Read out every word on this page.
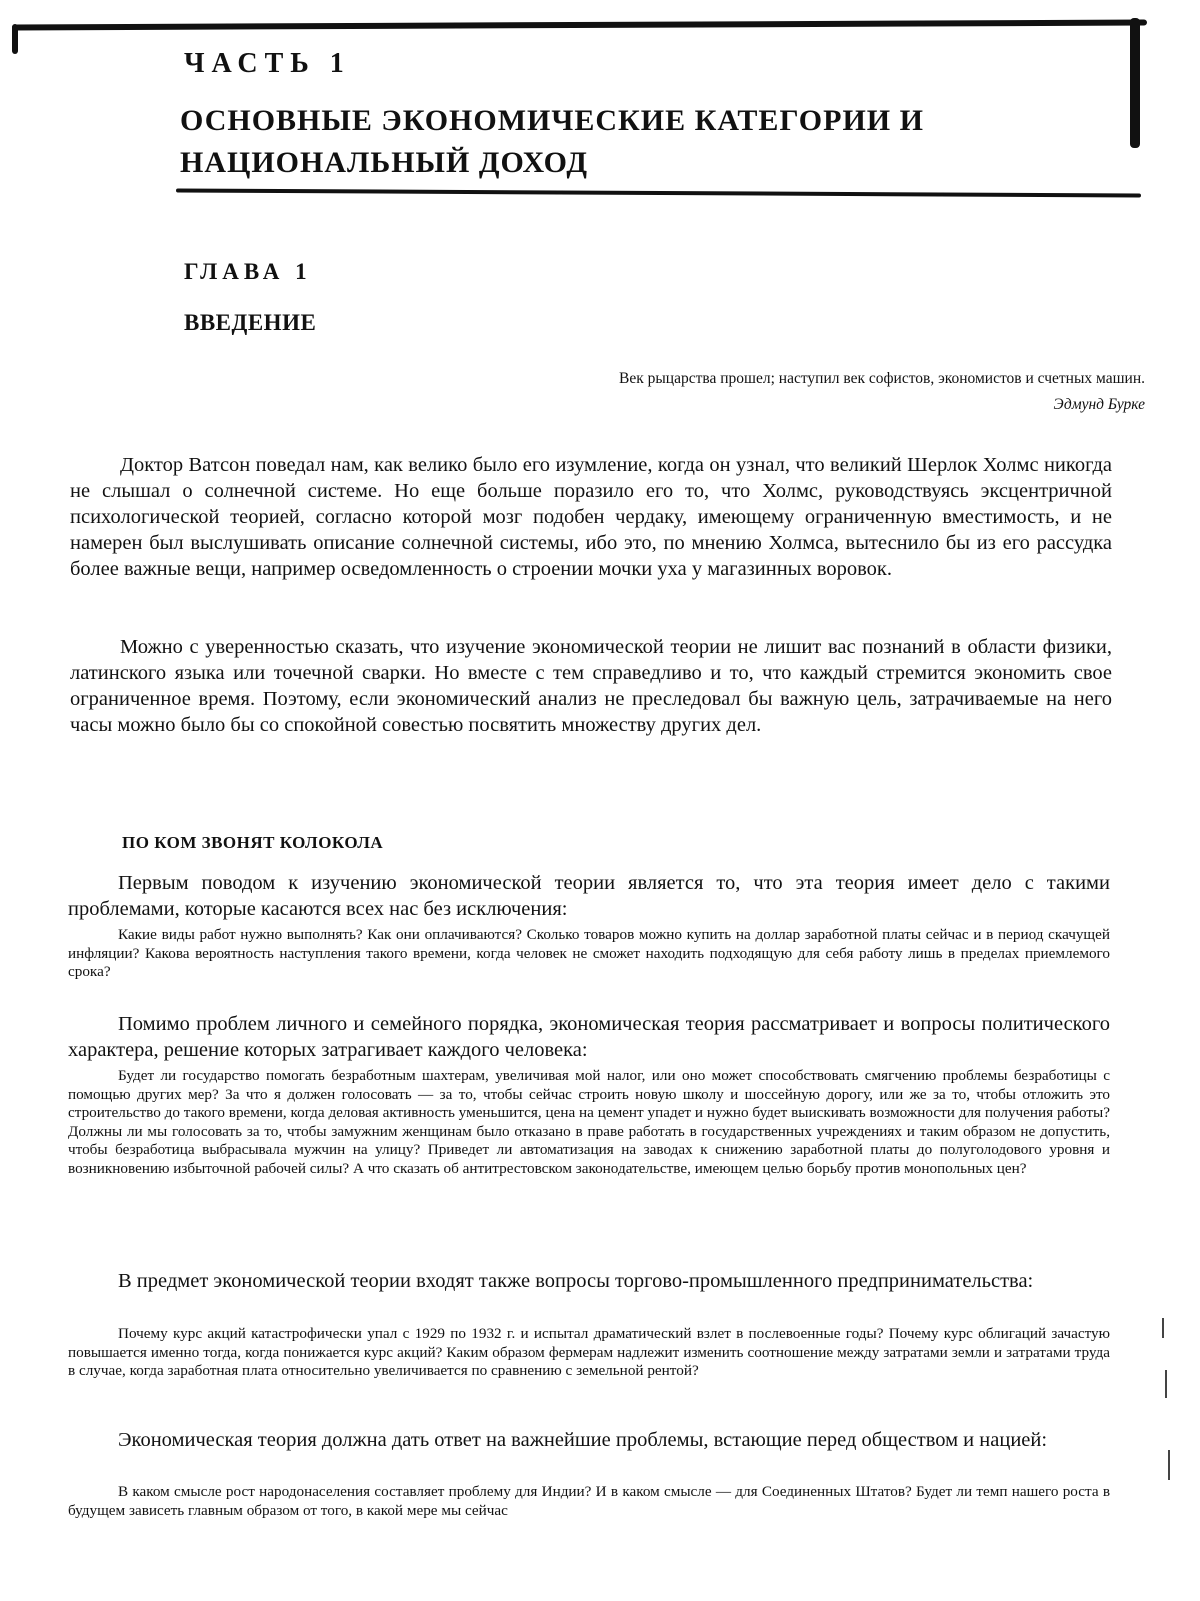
ЧАСТЬ 1
ОСНОВНЫЕ ЭКОНОМИЧЕСКИЕ КАТЕГОРИИ И НАЦИОНАЛЬНЫЙ ДОХОД
ГЛАВА 1
ВВЕДЕНИЕ
Век рыцарства прошел; наступил век софистов, экономистов и счетных машин.
Эдмунд Бурке

Доктор Ватсон поведал нам, как велико было его изумление, когда он узнал, что великий Шерлок Холмс никогда не слышал о солнечной системе. Но еще больше поразило его то, что Холмс, руководствуясь эксцентричной психологической теорией, согласно которой мозг подобен чердаку, имеющему ограниченную вместимость, и не намерен был выслушивать описание солнечной системы, ибо это, по мнению Холмса, вытеснило бы из его рассудка более важные вещи, например осведомленность о строении мочки уха у магазинных воровок.

Можно с уверенностью сказать, что изучение экономической теории не лишит вас познаний в области физики, латинского языка или точечной сварки. Но вместе с тем справедливо и то, что каждый стремится экономить свое ограниченное время. Поэтому, если экономический анализ не преследовал бы важную цель, затрачиваемые на него часы можно было бы со спокойной совестью посвятить множеству других дел.

ПО КОМ ЗВОНЯТ КОЛОКОЛА

Первым поводом к изучению экономической теории является то, что эта теория имеет дело с такими проблемами, которые касаются всех нас без исключения:

Какие виды работ нужно выполнять? Как они оплачиваются? Сколько товаров можно купить на доллар заработной платы сейчас и в период скачущей инфляции? Какова вероятность наступления такого времени, когда человек не сможет находить подходящую для себя работу лишь в пределах приемлемого срока?

Помимо проблем личного и семейного порядка, экономическая теория рассматривает и вопросы политического характера, решение которых затрагивает каждого человека:

Будет ли государство помогать безработным шахтерам, увеличивая мой налог, или оно может способствовать смягчению проблемы безработицы с помощью других мер? За что я должен голосовать — за то, чтобы сейчас строить новую школу и шоссейную дорогу, или же за то, чтобы отложить это строительство до такого времени, когда деловая активность уменьшится, цена на цемент упадет и нужно будет выискивать возможности для получения работы? Должны ли мы голосовать за то, чтобы замужним женщинам было отказано в праве работать в государственных учреждениях и таким образом не допустить, чтобы безработица выбрасывала мужчин на улицу? Приведет ли автоматизация на заводах к снижению заработной платы до полуголодового уровня и возникновению избыточной рабочей силы? А что сказать об антитрестовском законодательстве, имеющем целью борьбу против монопольных цен?

В предмет экономической теории входят также вопросы торгово-промышленного предпринимательства:

Почему курс акций катастрофически упал с 1929 по 1932 г. и испытал драматический взлет в послевоенные годы? Почему курс облигаций зачастую повышается именно тогда, когда понижается курс акций? Каким образом фермерам надлежит изменить соотношение между затратами земли и затратами труда в случае, когда заработная плата относительно увеличивается по сравнению с земельной рентой?

Экономическая теория должна дать ответ на важнейшие проблемы, встающие перед обществом и нацией:

В каком смысле рост народонаселения составляет проблему для Индии? И в каком смысле — для Соединенных Штатов? Будет ли темп нашего роста в будущем зависеть главным образом от того, в какой мере мы сейчас
